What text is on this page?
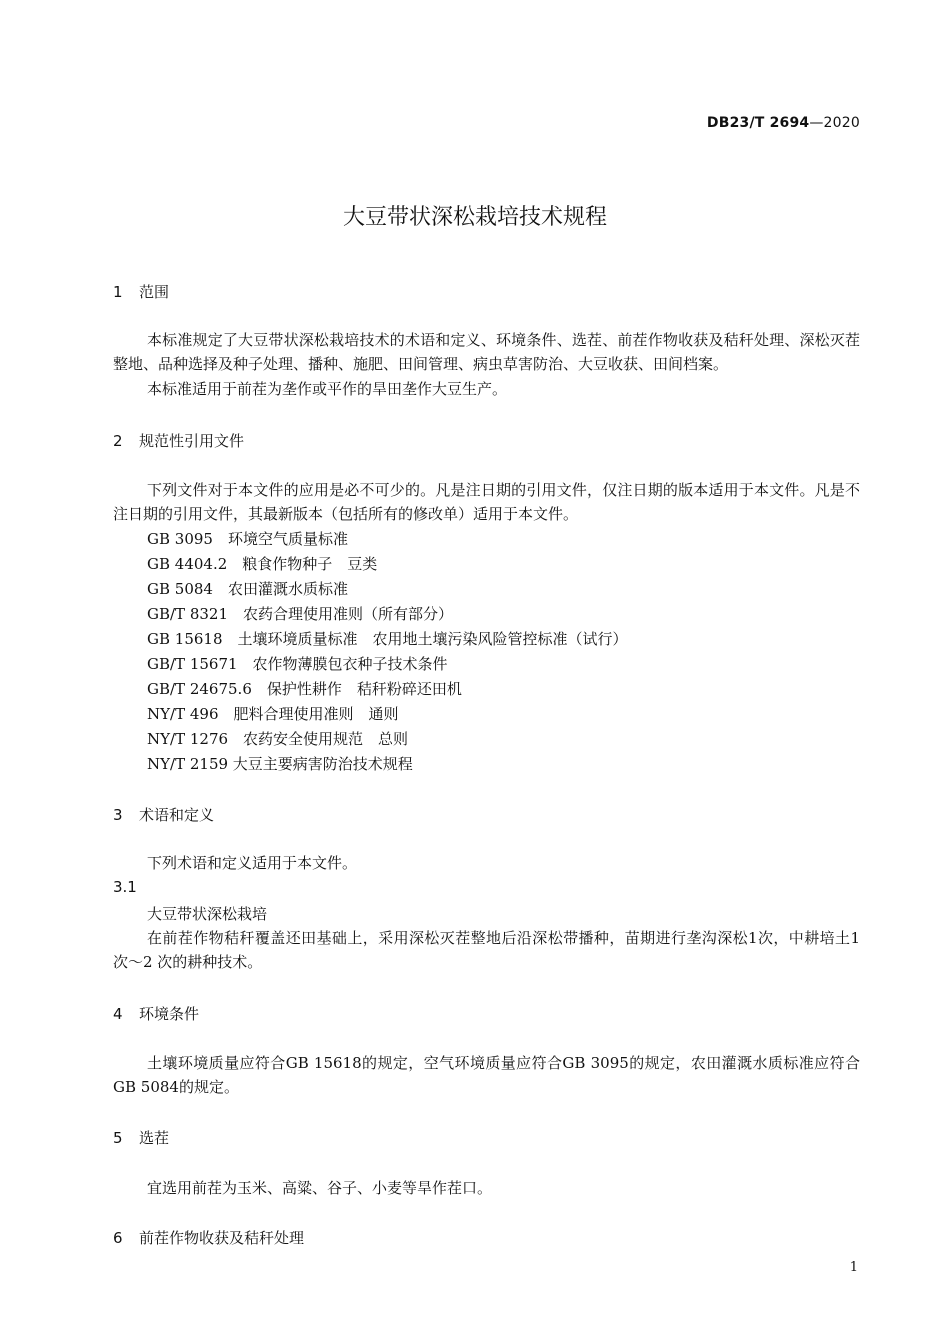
DB23/T 2694—2020
大豆带状深松栽培技术规程
1 范围
本标准规定了大豆带状深松栽培技术的术语和定义、环境条件、选茬、前茬作物收获及秸秆处理、深松灭茬整地、品种选择及种子处理、播种、施肥、田间管理、病虫草害防治、大豆收获、田间档案。
本标准适用于前茬为垄作或平作的旱田垄作大豆生产。
2 规范性引用文件
下列文件对于本文件的应用是必不可少的。凡是注日期的引用文件，仅注日期的版本适用于本文件。凡是不注日期的引用文件，其最新版本（包括所有的修改单）适用于本文件。
GB 3095　环境空气质量标准
GB 4404.2　粮食作物种子　豆类
GB 5084　农田灌溉水质标准
GB/T 8321　农药合理使用准则（所有部分）
GB 15618　土壤环境质量标准　农用地土壤污染风险管控标准（试行）
GB/T 15671　农作物薄膜包衣种子技术条件
GB/T 24675.6　保护性耕作　秸秆粉碎还田机
NY/T 496　肥料合理使用准则　通则
NY/T 1276　农药安全使用规范　总则
NY/T 2159 大豆主要病害防治技术规程
3 术语和定义
下列术语和定义适用于本文件。
3.1
大豆带状深松栽培
在前茬作物秸秆覆盖还田基础上，采用深松灭茬整地后沿深松带播种，苗期进行垄沟深松1次，中耕培土1 次～2 次的耕种技术。
4 环境条件
土壤环境质量应符合GB 15618的规定，空气环境质量应符合GB 3095的规定，农田灌溉水质标准应符合GB 5084的规定。
5 选茬
宜选用前茬为玉米、高粱、谷子、小麦等旱作茬口。
6 前茬作物收获及秸秆处理
1
